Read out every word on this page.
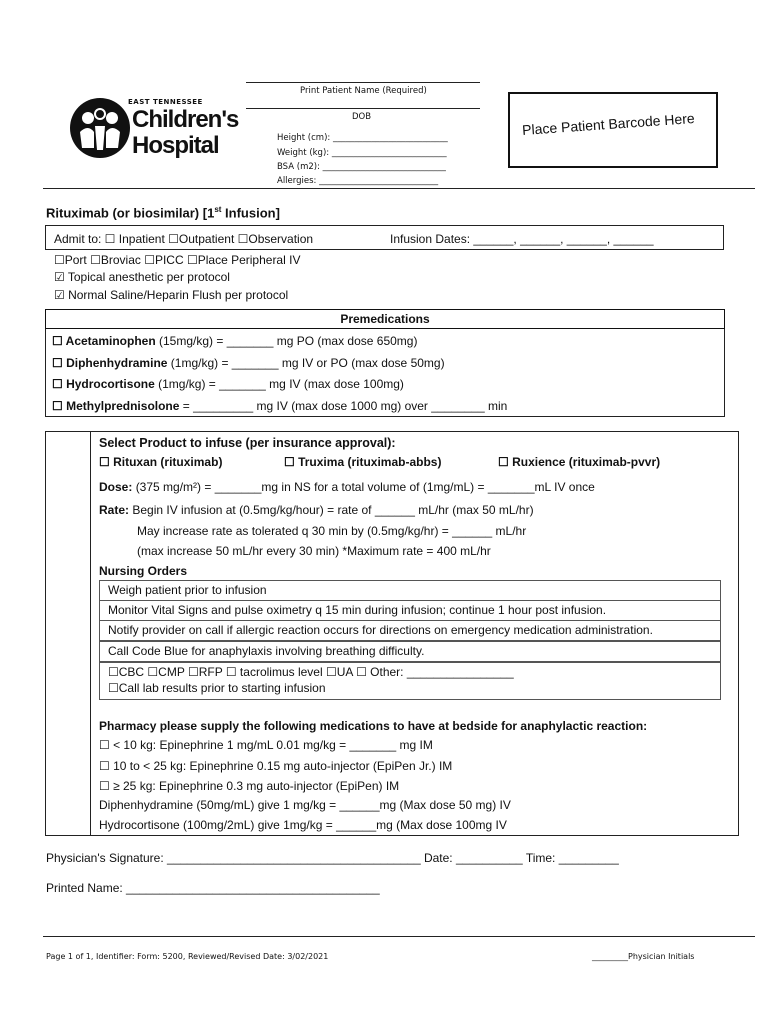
EAST TENNESSEE
Children's
Hospital
Print Patient Name (Required)
DOB
Height (cm): ___________________________
Weight (kg): ___________________________
BSA (m2): _____________________________
Allergies: ____________________________
Place Patient Barcode Here
Rituximab (or biosimilar) [1st Infusion]
Admit to: ☐ Inpatient ☐Outpatient ☐Observation	Infusion Dates: ______, ______, ______, ______
☐Port ☐Broviac ☐PICC ☐Place Peripheral IV
☑ Topical anesthetic per protocol
☑ Normal Saline/Heparin Flush per protocol
Premedications
☐ Acetaminophen (15mg/kg) = _______ mg PO (max dose 650mg)
☐ Diphenhydramine (1mg/kg) = _______ mg IV or PO (max dose 50mg)
☐ Hydrocortisone (1mg/kg) = _______ mg IV (max dose 100mg)
☐ Methylprednisolone = _________ mg IV (max dose 1000 mg) over ________ min
Select Product to infuse (per insurance approval):
☐ Rituxan (rituximab)	☐ Truxima (rituximab-abbs)	☐ Ruxience (rituximab-pvvr)
Dose: (375 mg/m²) = _______mg in NS for a total volume of (1mg/mL) = _______mL IV once
Rate: Begin IV infusion at (0.5mg/kg/hour) = rate of ______ mL/hr (max 50 mL/hr)
May increase rate as tolerated q 30 min by (0.5mg/kg/hr) = ______ mL/hr
(max increase 50 mL/hr every 30 min) *Maximum rate = 400 mL/hr
Nursing Orders
Weigh patient prior to infusion
Monitor Vital Signs and pulse oximetry q 15 min during infusion; continue 1 hour post infusion.
Notify provider on call if allergic reaction occurs for directions on emergency medication administration.
Call Code Blue for anaphylaxis involving breathing difficulty.
☐CBC ☐CMP ☐RFP ☐ tacrolimus level ☐UA ☐ Other: ________________
☐Call lab results prior to starting infusion
Pharmacy please supply the following medications to have at bedside for anaphylactic reaction:
☐ < 10 kg: Epinephrine 1 mg/mL 0.01 mg/kg = _______ mg IM
☐ 10 to < 25 kg: Epinephrine 0.15 mg auto-injector (EpiPen Jr.) IM
☐ ≥ 25 kg: Epinephrine 0.3 mg auto-injector (EpiPen) IM
Diphenhydramine (50mg/mL) give 1 mg/kg = ______mg (Max dose 50 mg) IV
Hydrocortisone (100mg/2mL) give 1mg/kg = ______mg (Max dose 100mg IV
Physician's Signature: ______________________________________ Date: __________ Time: _________
Printed Name: ______________________________________
Page 1 of 1, Identifier: Form: 5200, Reviewed/Revised Date: 3/02/2021	_________Physician Initials
